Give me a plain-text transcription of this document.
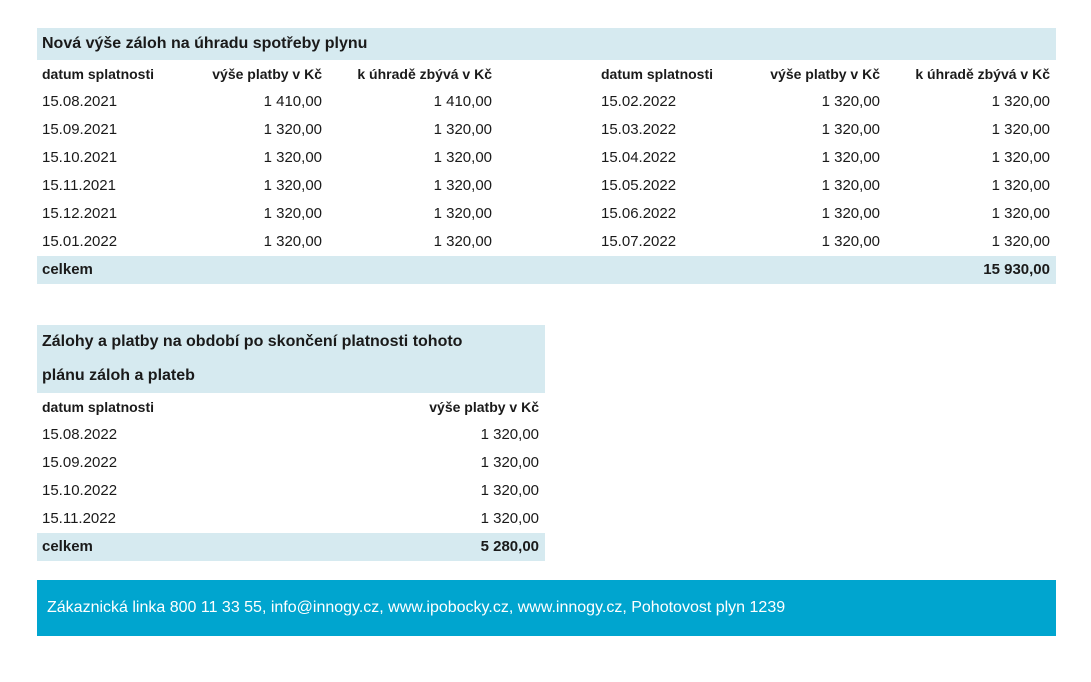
Nová výše záloh na úhradu spotřeby plynu
datum splatnosti	výše platby v Kč	k úhradě zbývá v Kč	datum splatnosti	výše platby v Kč	k úhradě zbývá v Kč
15.08.2021	1 410,00	1 410,00	15.02.2022	1 320,00	1 320,00
15.09.2021	1 320,00	1 320,00	15.03.2022	1 320,00	1 320,00
15.10.2021	1 320,00	1 320,00	15.04.2022	1 320,00	1 320,00
15.11.2021	1 320,00	1 320,00	15.05.2022	1 320,00	1 320,00
15.12.2021	1 320,00	1 320,00	15.06.2022	1 320,00	1 320,00
15.01.2022	1 320,00	1 320,00	15.07.2022	1 320,00	1 320,00
celkem	15 930,00
Zálohy a platby na období po skončení platnosti tohoto
plánu záloh a plateb
datum splatnosti	výše platby v Kč
15.08.2022	1 320,00
15.09.2022	1 320,00
15.10.2022	1 320,00
15.11.2022	1 320,00
celkem	5 280,00
Zákaznická linka 800 11 33 55, info@innogy.cz, www.ipobocky.cz, www.innogy.cz, Pohotovost plyn 1239
